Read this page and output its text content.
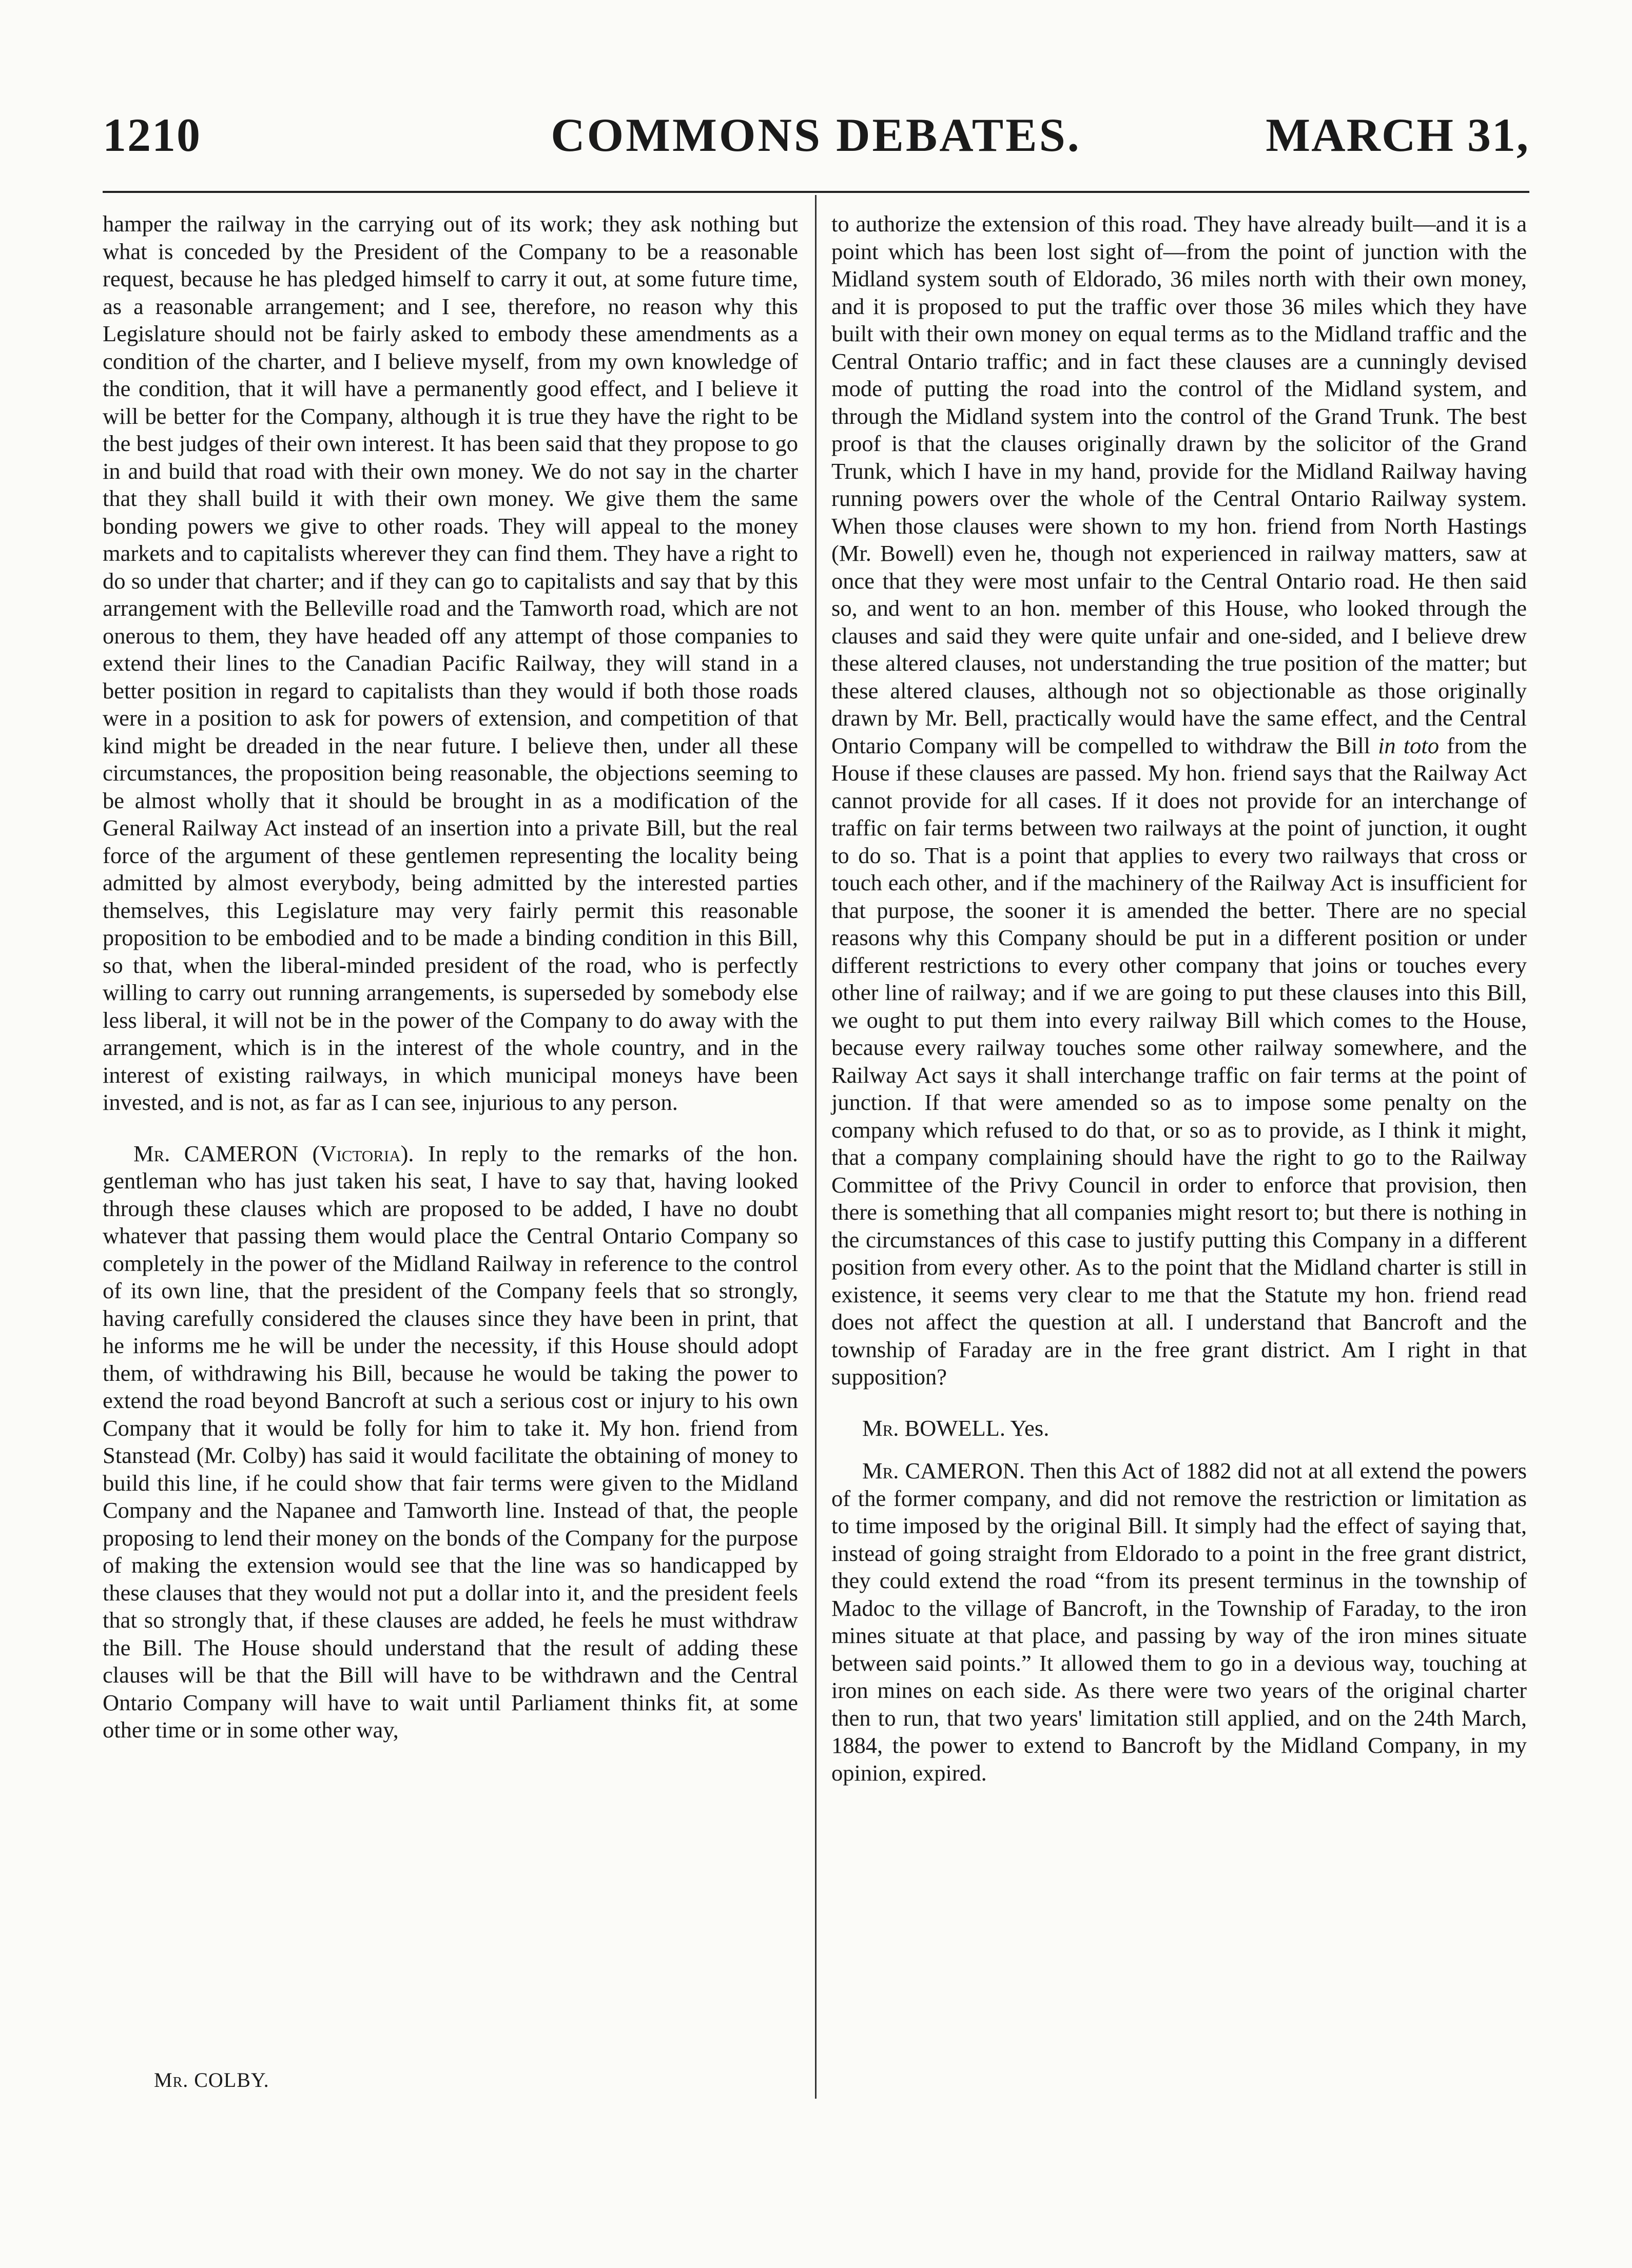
1210	COMMONS DEBATES.	MARCH 31,

hamper the railway in the carrying out of its work; they ask nothing but what is conceded by the President of the Company to be a reasonable request, because he has pledged himself to carry it out, at some future time, as a reasonable arrangement; and I see, therefore, no reason why this Legislature should not be fairly asked to embody these amendments as a condition of the charter, and I believe myself, from my own knowledge of the condition, that it will have a permanently good effect, and I believe it will be better for the Company, although it is true they have the right to be the best judges of their own interest. It has been said that they propose to go in and build that road with their own money. We do not say in the charter that they shall build it with their own money. We give them the same bonding powers we give to other roads. They will appeal to the money markets and to capitalists wherever they can find them. They have a right to do so under that charter; and if they can go to capitalists and say that by this arrangement with the Belleville road and the Tamworth road, which are not onerous to them, they have headed off any attempt of those companies to extend their lines to the Canadian Pacific Railway, they will stand in a better position in regard to capitalists than they would if both those roads were in a position to ask for powers of extension, and competition of that kind might be dreaded in the near future. I believe then, under all these circumstances, the proposition being reasonable, the objections seeming to be almost wholly that it should be brought in as a modification of the General Railway Act instead of an insertion into a private Bill, but the real force of the argument of these gentlemen representing the locality being admitted by almost everybody, being admitted by the interested parties themselves, this Legislature may very fairly permit this reasonable proposition to be embodied and to be made a binding condition in this Bill, so that, when the liberal-minded president of the road, who is perfectly willing to carry out running arrangements, is superseded by somebody else less liberal, it will not be in the power of the Company to do away with the arrangement, which is in the interest of the whole country, and in the interest of existing railways, in which municipal moneys have been invested, and is not, as far as I can see, injurious to any person.

Mr. CAMERON (Victoria). In reply to the remarks of the hon. gentleman who has just taken his seat, I have to say that, having looked through these clauses which are proposed to be added, I have no doubt whatever that passing them would place the Central Ontario Company so completely in the power of the Midland Railway in reference to the control of its own line, that the president of the Company feels that so strongly, having carefully considered the clauses since they have been in print, that he informs me he will be under the necessity, if this House should adopt them, of withdrawing his Bill, because he would be taking the power to extend the road beyond Bancroft at such a serious cost or injury to his own Company that it would be folly for him to take it. My hon. friend from Stanstead (Mr. Colby) has said it would facilitate the obtaining of money to build this line, if he could show that fair terms were given to the Midland Company and the Napanee and Tamworth line. Instead of that, the people proposing to lend their money on the bonds of the Company for the purpose of making the extension would see that the line was so handicapped by these clauses that they would not put a dollar into it, and the president feels that so strongly that, if these clauses are added, he feels he must withdraw the Bill. The House should understand that the result of adding these clauses will be that the Bill will have to be withdrawn and the Central Ontario Company will have to wait until Parliament thinks fit, at some other time or in some other way,

to authorize the extension of this road. They have already built—and it is a point which has been lost sight of—from the point of junction with the Midland system south of Eldorado, 36 miles north with their own money, and it is proposed to put the traffic over those 36 miles which they have built with their own money on equal terms as to the Midland traffic and the Central Ontario traffic; and in fact these clauses are a cunningly devised mode of putting the road into the control of the Midland system, and through the Midland system into the control of the Grand Trunk. The best proof is that the clauses originally drawn by the solicitor of the Grand Trunk, which I have in my hand, provide for the Midland Railway having running powers over the whole of the Central Ontario Railway system. When those clauses were shown to my hon. friend from North Hastings (Mr. Bowell) even he, though not experienced in railway matters, saw at once that they were most unfair to the Central Ontario road. He then said so, and went to an hon. member of this House, who looked through the clauses and said they were quite unfair and one-sided, and I believe drew these altered clauses, not understanding the true position of the matter; but these altered clauses, although not so objectionable as those originally drawn by Mr. Bell, practically would have the same effect, and the Central Ontario Company will be compelled to withdraw the Bill in toto from the House if these clauses are passed. My hon. friend says that the Railway Act cannot provide for all cases. If it does not provide for an interchange of traffic on fair terms between two railways at the point of junction, it ought to do so. That is a point that applies to every two railways that cross or touch each other, and if the machinery of the Railway Act is insufficient for that purpose, the sooner it is amended the better. There are no special reasons why this Company should be put in a different position or under different restrictions to every other company that joins or touches every other line of railway; and if we are going to put these clauses into this Bill, we ought to put them into every railway Bill which comes to the House, because every railway touches some other railway somewhere, and the Railway Act says it shall interchange traffic on fair terms at the point of junction. If that were amended so as to impose some penalty on the company which refused to do that, or so as to provide, as I think it might, that a company complaining should have the right to go to the Railway Committee of the Privy Council in order to enforce that provision, then there is something that all companies might resort to; but there is nothing in the circumstances of this case to justify putting this Company in a different position from every other. As to the point that the Midland charter is still in existence, it seems very clear to me that the Statute my hon. friend read does not affect the question at all. I understand that Bancroft and the township of Faraday are in the free grant district. Am I right in that supposition?

Mr. BOWELL. Yes.

Mr. CAMERON. Then this Act of 1882 did not at all extend the powers of the former company, and did not remove the restriction or limitation as to time imposed by the original Bill. It simply had the effect of saying that, instead of going straight from Eldorado to a point in the free grant district, they could extend the road “from its present terminus in the township of Madoc to the village of Bancroft, in the Township of Faraday, to the iron mines situate at that place, and passing by way of the iron mines situate between said points.” It allowed them to go in a devious way, touching at iron mines on each side. As there were two years of the original charter then to run, that two years' limitation still applied, and on the 24th March, 1884, the power to extend to Bancroft by the Midland Company, in my opinion, expired.

Mr. COLBY.
